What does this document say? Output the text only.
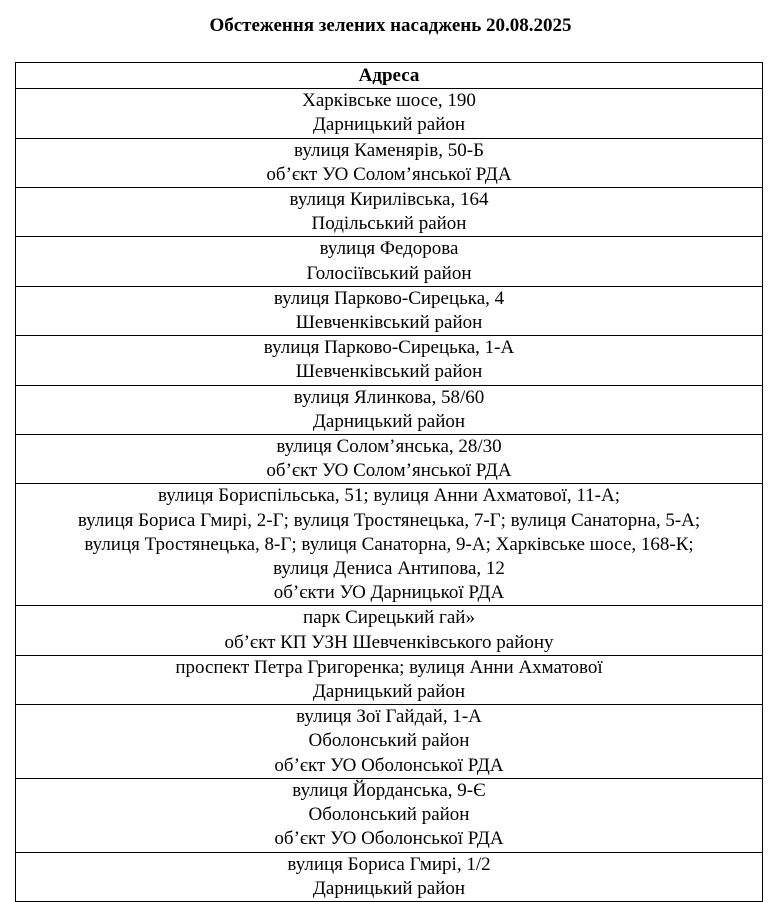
Обстеження зелених насаджень 20.08.2025
Адреса

Харківське шосе, 190
Дарницький район

вулиця Каменярів, 50-Б
об’єкт УО Солом’янської РДА

вулиця Кирилівська, 164
Подільський район

вулиця Федорова
Голосіївський район

вулиця Парково-Сирецька, 4
Шевченківський район

вулиця Парково-Сирецька, 1-А
Шевченківський район

вулиця Ялинкова, 58/60
Дарницький район

вулиця Солом’янська, 28/30
об’єкт УО Солом’янської РДА

вулиця Бориспільська, 51; вулиця Анни Ахматової, 11-А;
вулиця Бориса Гмирі, 2-Г; вулиця Тростянецька, 7-Г; вулиця Санаторна, 5-А;
вулиця Тростянецька, 8-Г; вулиця Санаторна, 9-А; Харківське шосе, 168-К;
вулиця Дениса Антипова, 12
об’єкти УО Дарницької РДА

парк Сирецький гай»
об’єкт КП УЗН Шевченківського району

проспект Петра Григоренка; вулиця Анни Ахматової
Дарницький район

вулиця Зої Гайдай, 1-А
Оболонський район
об’єкт УО Оболонської РДА

вулиця Йорданська, 9-Є
Оболонський район
об’єкт УО Оболонської РДА

вулиця Бориса Гмирі, 1/2
Дарницький район
